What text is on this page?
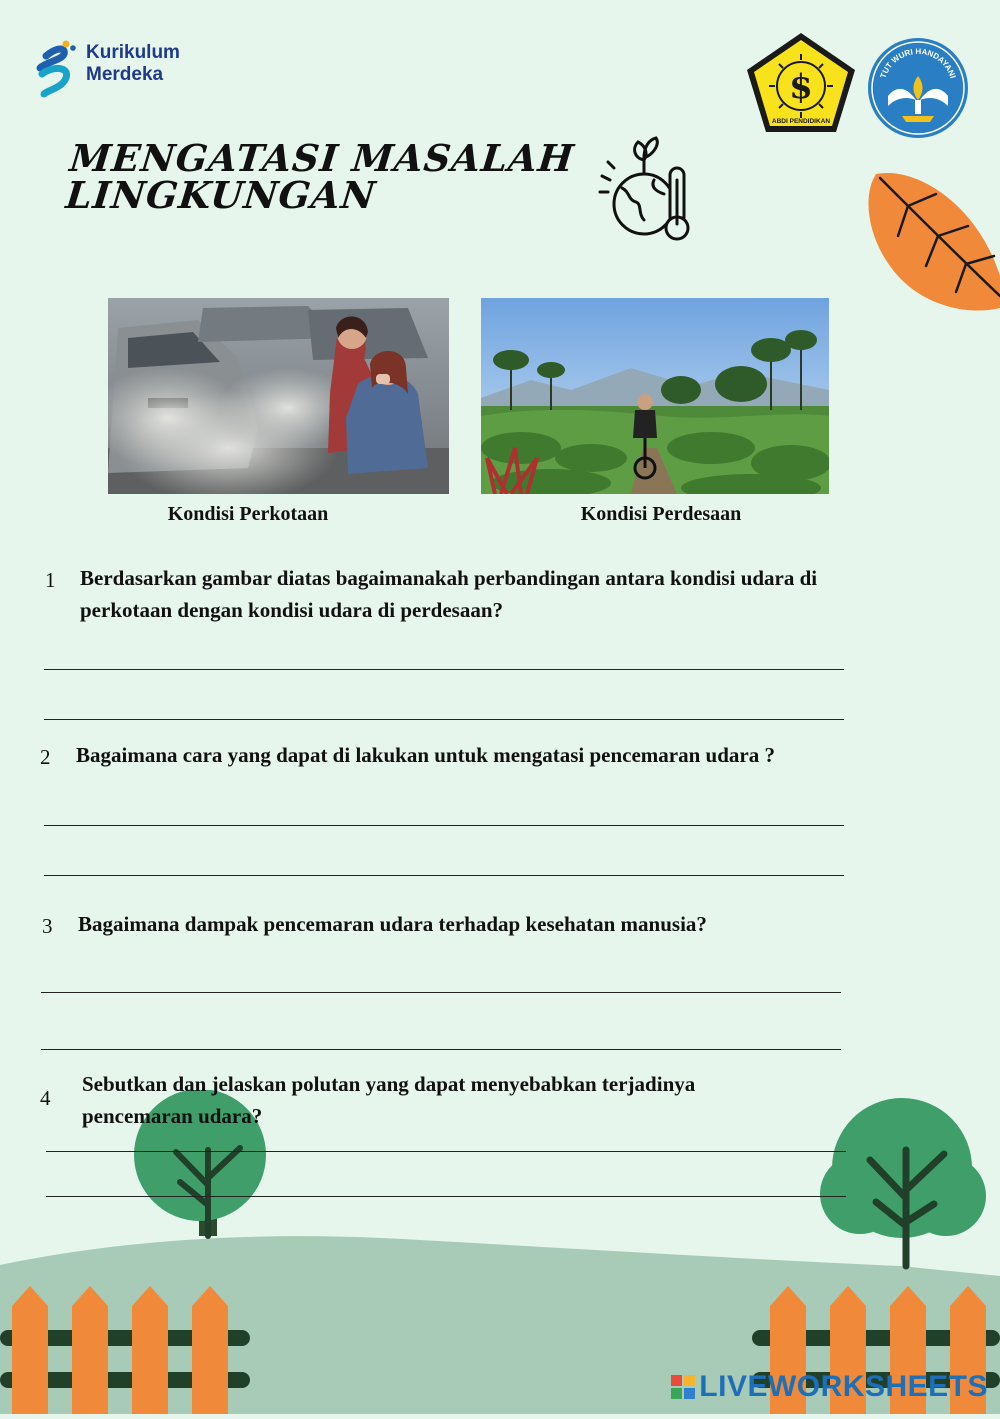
Kurikulum
Merdeka	$
ABDI PENDIDIKAN
TUT WURI HANDAYANI
MENGATASI MASALAH
LINGKUNGAN
Kondisi Perkotaan	Kondisi Perdesaan
1 Berdasarkan gambar diatas bagaimanakah perbandingan antara kondisi udara di perkotaan dengan kondisi udara di perdesaan?
2 Bagaimana cara yang dapat di lakukan untuk mengatasi pencemaran udara ?
3 Bagaimana dampak pencemaran udara terhadap kesehatan manusia?
4
Sebutkan dan jelaskan polutan yang dapat menyebabkan terjadinya pencemaran udara?
LIVEWORKSHEETS
